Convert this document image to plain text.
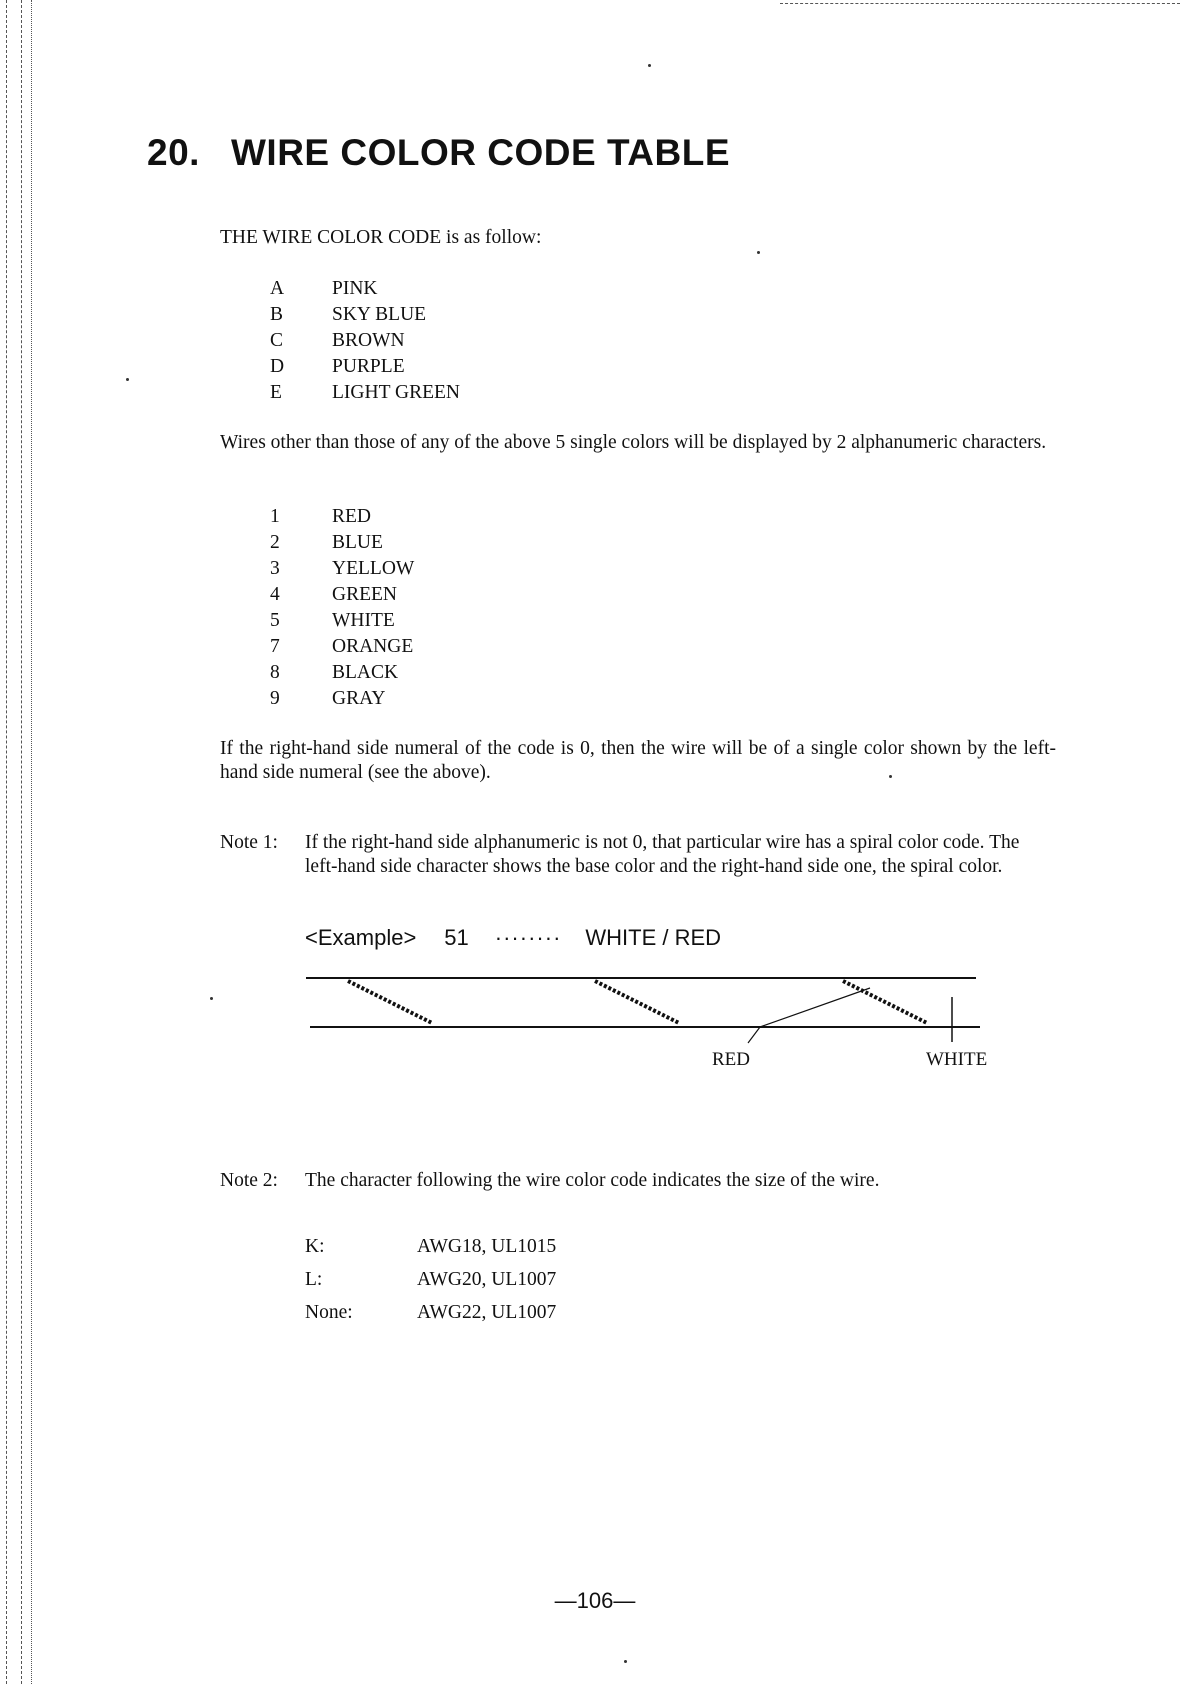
20. WIRE COLOR CODE TABLE
THE WIRE COLOR CODE is as follow:
A PINK
B	SKY BLUE
C	BROWN
D PURPLE
E	LIGHT GREEN
Wires other than those of any of the above 5 single colors will be displayed by 2 alphanumeric characters.
1	RED
2	BLUE
3	YELLOW
4	GREEN
5	WHITE
7	ORANGE
8	BLACK
9	GRAY
If the right-hand side numeral of the code is 0, then the wire will be of a single color shown by the left-hand side numeral (see the above).
Note 1: If the right-hand side alphanumeric is not 0, that particular wire has a spiral color code. The left-hand side character shows the base color and the right-hand side one, the spiral color.
<Example> 51 ········ WHITE / RED
RED	WHITE
Note 2: The character following the wire color code indicates the size of the wire.
K:	AWG18, UL1015
L:	AWG20, UL1007
None:	AWG22, UL1007
—106—
